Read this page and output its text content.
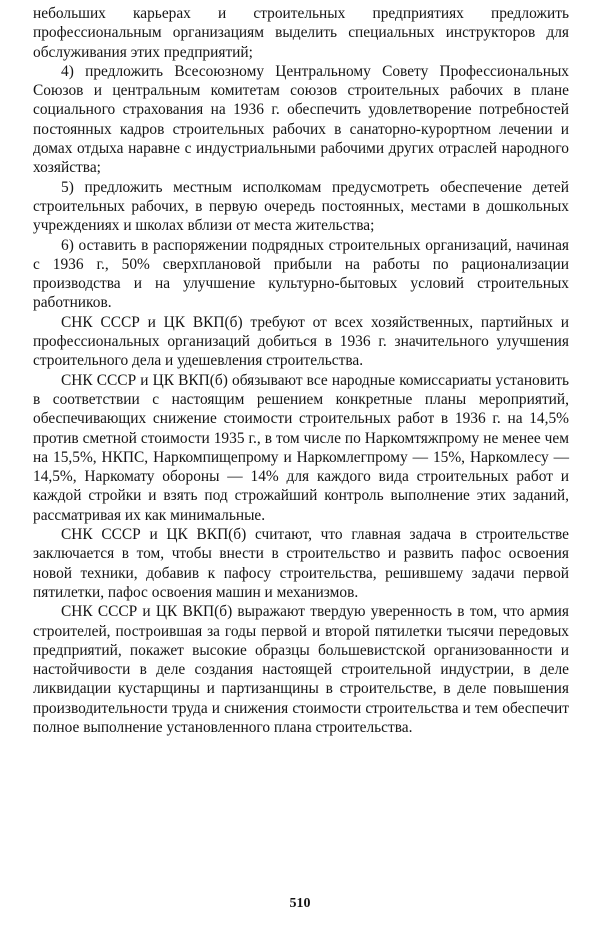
небольших карьерах и строительных предприятиях предложить профессиональным организациям выделить специальных инструкторов для обслуживания этих предприятий;

4) предложить Всесоюзному Центральному Совету Профессиональных Союзов и центральным комитетам союзов строительных рабочих в плане социального страхования на 1936 г. обеспечить удовлетворение потребностей постоянных кадров строительных рабочих в санаторно-курортном лечении и домах отдыха наравне с индустриальными рабочими других отраслей народного хозяйства;

5) предложить местным исполкомам предусмотреть обеспечение детей строительных рабочих, в первую очередь постоянных, местами в дошкольных учреждениях и школах вблизи от места жительства;

6) оставить в распоряжении подрядных строительных организаций, начиная с 1936 г., 50% сверхплановой прибыли на работы по рационализации производства и на улучшение культурно-бытовых условий строительных работников.

СНК СССР и ЦК ВКП(б) требуют от всех хозяйственных, партийных и профессиональных организаций добиться в 1936 г. значительного улучшения строительного дела и удешевления строительства.

СНК СССР и ЦК ВКП(б) обязывают все народные комиссариаты установить в соответствии с настоящим решением конкретные планы мероприятий, обеспечивающих снижение стоимости строительных работ в 1936 г. на 14,5% против сметной стоимости 1935 г., в том числе по Наркомтяжпрому не менее чем на 15,5%, НКПС, Наркомпищепрому и Наркомлегпрому — 15%, Наркомлесу — 14,5%, Наркомату обороны — 14% для каждого вида строительных работ и каждой стройки и взять под строжайший контроль выполнение этих заданий, рассматривая их как минимальные.

СНК СССР и ЦК ВКП(б) считают, что главная задача в строительстве заключается в том, чтобы внести в строительство и развить пафос освоения новой техники, добавив к пафосу строительства, решившему задачи первой пятилетки, пафос освоения машин и механизмов.

СНК СССР и ЦК ВКП(б) выражают твердую уверенность в том, что армия строителей, построившая за годы первой и второй пятилетки тысячи передовых предприятий, покажет высокие образцы большевистской организованности и настойчивости в деле создания настоящей строительной индустрии, в деле ликвидации кустарщины и партизанщины в строительстве, в деле повышения производительности труда и снижения стоимости строительства и тем обеспечит полное выполнение установленного плана строительства.

510
